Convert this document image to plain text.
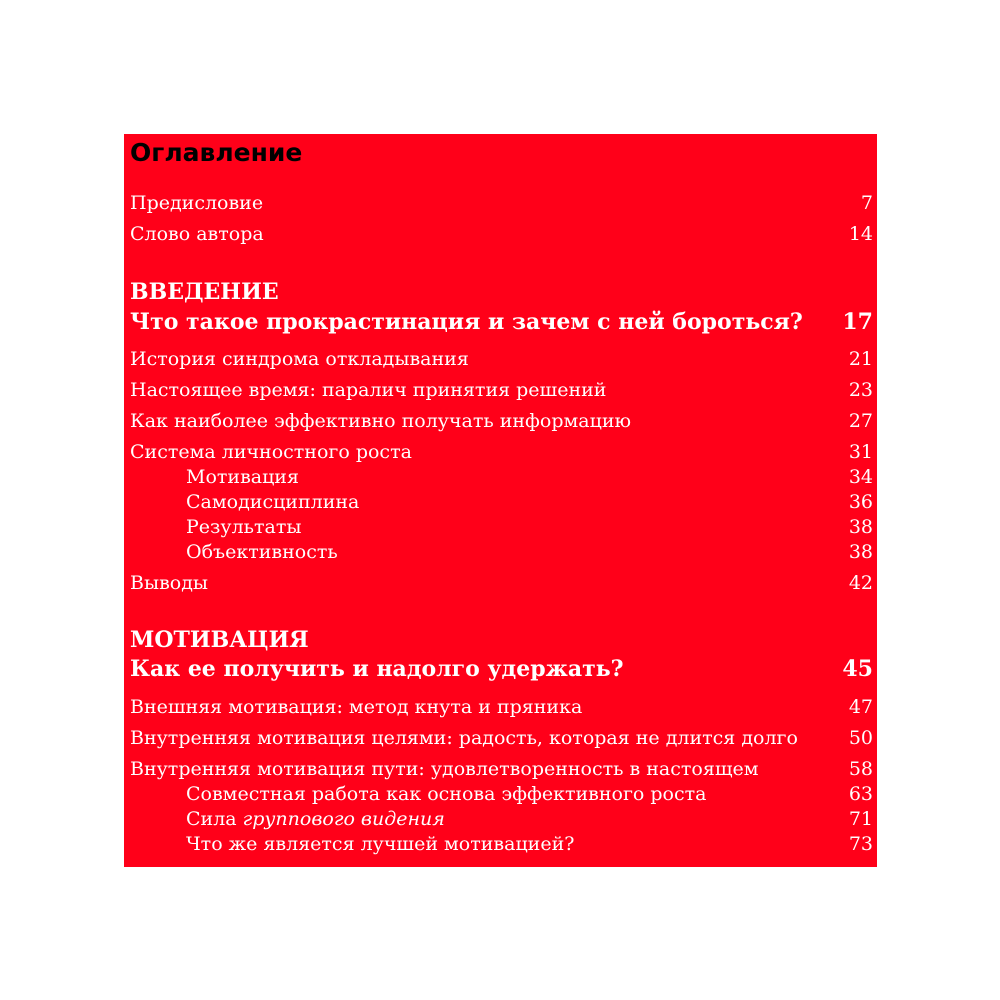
Оглавление
Предисловие	7
Слово автора	14
ВВЕДЕНИЕ
Что такое прокрастинация и зачем с ней бороться? 17
История синдрома откладывания	21
Настоящее время: паралич принятия решений	23
Как наиболее эффективно получать информацию	27
Система личностного роста	31
Мотивация	34
Самодисциплина	36
Результаты	38
Объективность	38
Выводы	42
МОТИВАЦИЯ
Как ее получить и надолго удержать?	45
Внешняя мотивация: метод кнута и пряника	47
Внутренняя мотивация целями: радость, которая не длится долго	50
Внутренняя мотивация пути: удовлетворенность в настоящем	58
Совместная работа как основа эффективного роста	63
Сила группового видения	71
Что же является лучшей мотивацией?	73
